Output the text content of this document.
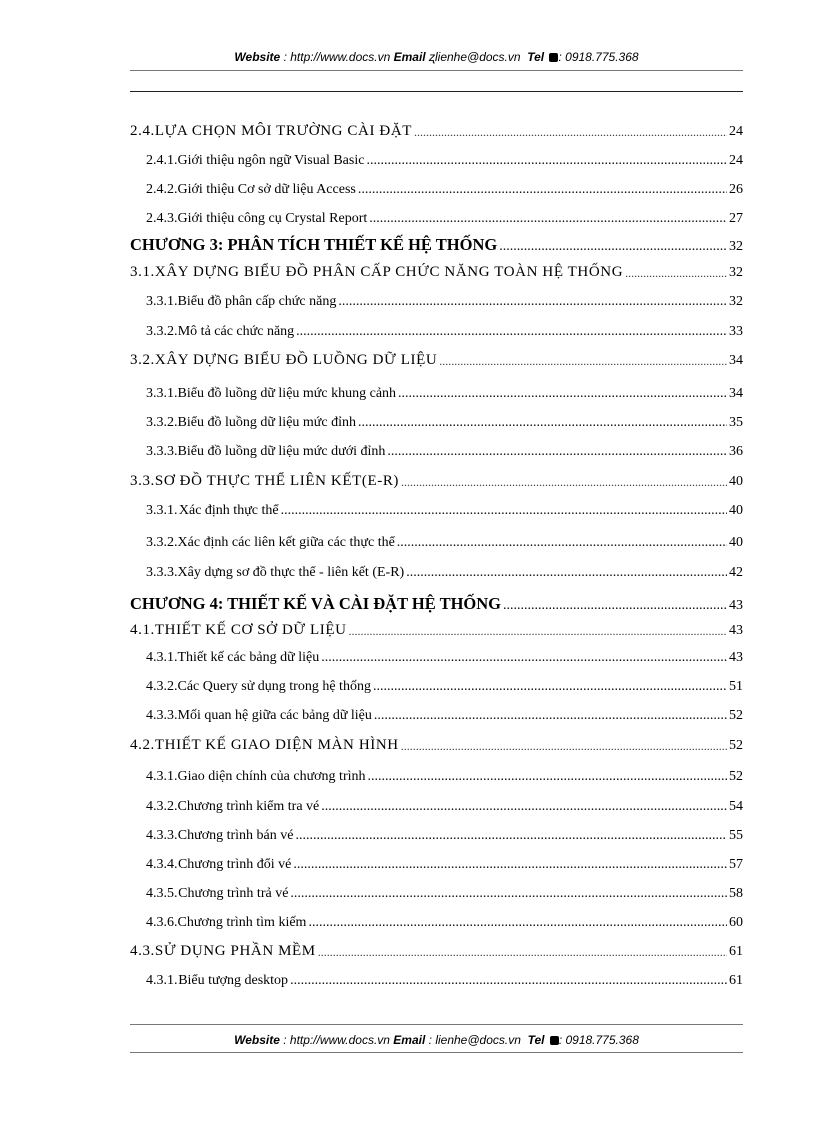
Website : http://www.docs.vn Email ʐlienhe@docs.vn Tel : 0918.775.368
2.4. LỰA CHỌN MÔI TRƯỜNG CÀI ĐẶT .....	24
2.4.1. Giới thiệu ngôn ngữ Visual Basic .....	24
2.4.2. Giới thiệu Cơ sở dữ liệu Access .....	26
2.4.3. Giới thiệu công cụ Crystal Report .....	27
CHƯƠNG 3: PHÂN TÍCH THIẾT KẾ HỆ THỐNG .....	32
3.1. XÂY DỰNG BIỂU ĐỒ PHÂN CẤP CHỨC NĂNG TOÀN HỆ THỐNG .....	32
3.3.1. Biểu đồ phân cấp chức năng .....	32
3.3.2. Mô tả các chức năng .....	33
3.2. XÂY DỰNG BIỂU ĐỒ LUỒNG DỮ LIỆU .....	34
3.3.1. Biểu đồ luồng dữ liệu mức khung cảnh .....	34
3.3.2. Biểu đồ luồng dữ liệu mức đỉnh .....	35
3.3.3. Biểu đồ luồng dữ liệu mức dưới đỉnh .....	36
3.3. SƠ ĐỒ THỰC THỂ LIÊN KẾT(E-R) .....	40
3.3.1. Xác định thực thể .....	40
3.3.2. Xác định các liên kết giữa các thực thể .....	40
3.3.3. Xây dựng sơ đồ thực thể - liên kết (E-R) .....	42
CHƯƠNG 4: THIẾT KẾ VÀ CÀI ĐẶT HỆ THỐNG .....	43
4.1. THIẾT KẾ CƠ SỞ DỮ LIỆU .....	43
4.3.1. Thiết kế các bảng dữ liệu .....	43
4.3.2. Các Query sử dụng trong hệ thống .....	51
4.3.3. Mối quan hệ giữa các bảng dữ liệu .....	52
4.2. THIẾT KẾ GIAO DIỆN MÀN HÌNH .....	52
4.3.1. Giao diện chính của chương trình .....	52
4.3.2. Chương trình kiểm tra vé .....	54
4.3.3. Chương trình bán vé .....	55
4.3.4. Chương trình đổi vé .....	57
4.3.5. Chương trình trả vé .....	58
4.3.6. Chương trình tìm kiếm .....	60
4.3. SỬ DỤNG PHẦN MỀM .....	61
4.3.1. Biểu tượng desktop .....	61
Website : http://www.docs.vn Email : lienhe@docs.vn Tel : 0918.775.368
